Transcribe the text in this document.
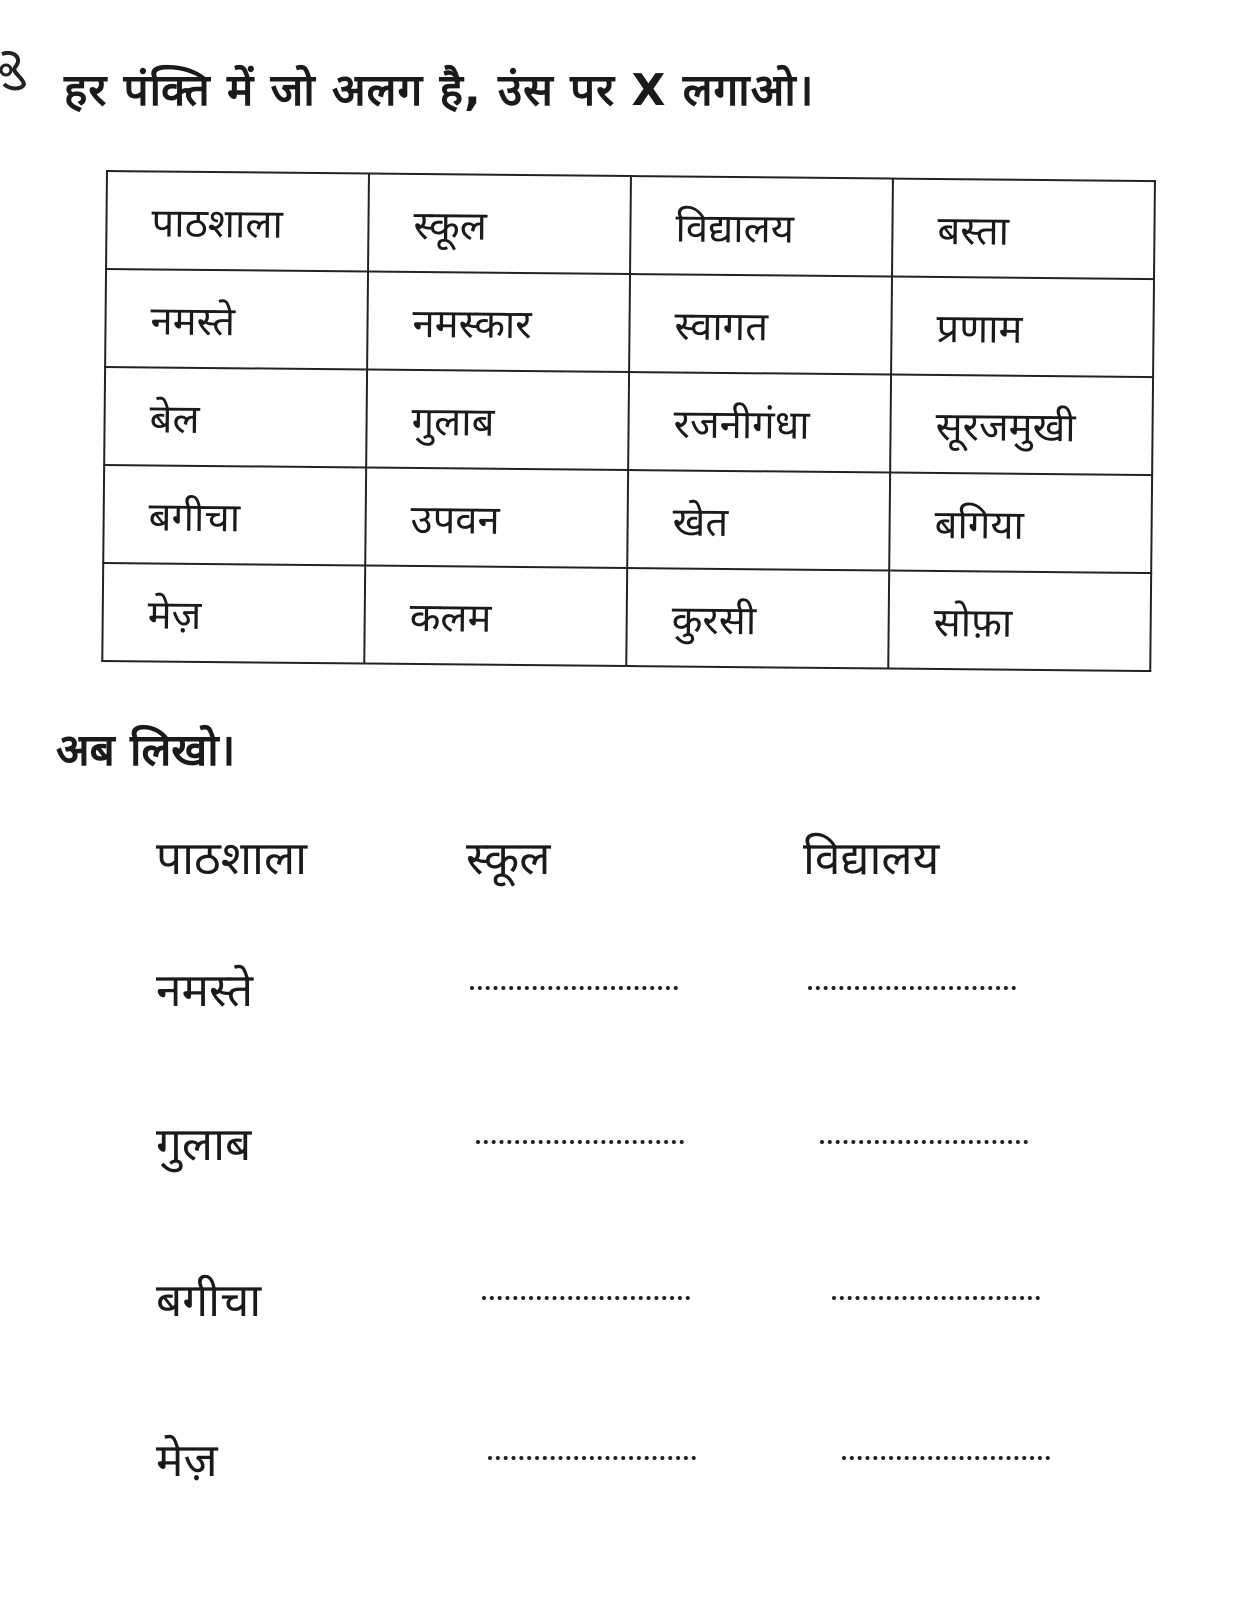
हर पंक्ति में जो अलग है, उंस पर X लगाओ।
पाठशाला	स्कूल	विद्यालय	बस्ता
नमस्ते	नमस्कार	स्वागत	प्रणाम
बेल	गुलाब	रजनीगंधा	सूरजमुखी
बगीचा	उपवन	खेत	बगिया
मेज़	कलम	कुरसी	सोफ़ा
अब लिखो।
पाठशाला	स्कूल	विद्यालय
नमस्ते
गुलाब
बगीचा
मेज़
